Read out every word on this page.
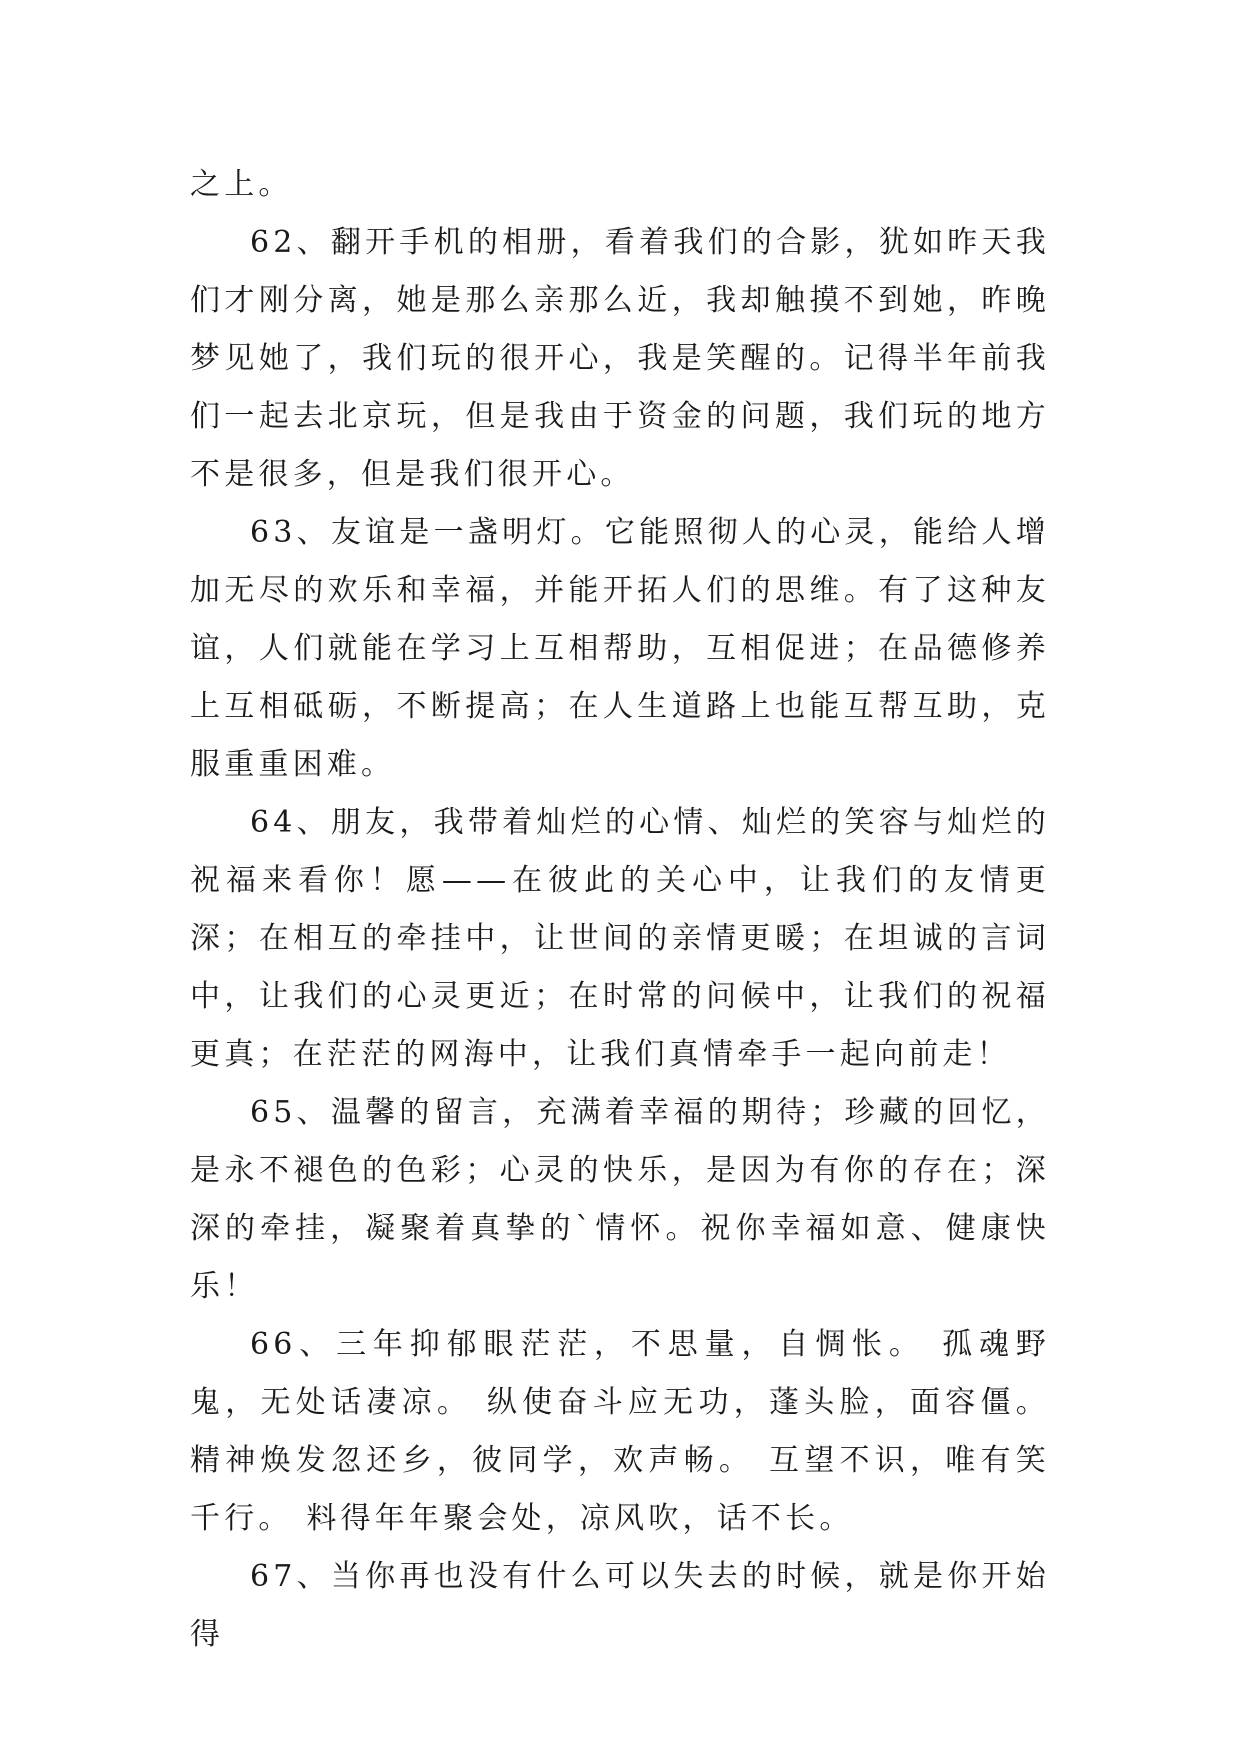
之上。

62、翻开手机的相册，看着我们的合影，犹如昨天我们才刚分离，她是那么亲那么近，我却触摸不到她，昨晚梦见她了，我们玩的很开心，我是笑醒的。记得半年前我们一起去北京玩，但是我由于资金的问题，我们玩的地方不是很多，但是我们很开心。

63、友谊是一盏明灯。它能照彻人的心灵，能给人增加无尽的欢乐和幸福，并能开拓人们的思维。有了这种友谊，人们就能在学习上互相帮助，互相促进；在品德修养上互相砥砺，不断提高；在人生道路上也能互帮互助，克服重重困难。

64、朋友，我带着灿烂的心情、灿烂的笑容与灿烂的祝福来看你！愿——在彼此的关心中，让我们的友情更深；在相互的牵挂中，让世间的亲情更暖；在坦诚的言词中，让我们的心灵更近；在时常的问候中，让我们的祝福更真；在茫茫的网海中，让我们真情牵手一起向前走！

65、温馨的留言，充满着幸福的期待；珍藏的回忆，是永不褪色的色彩；心灵的快乐，是因为有你的存在；深深的牵挂，凝聚着真挚的`情怀。祝你幸福如意、健康快乐！

66、三年抑郁眼茫茫，不思量，自惆怅。 孤魂野鬼，无处话凄凉。 纵使奋斗应无功，蓬头脸，面容僵。 精神焕发忽还乡，彼同学，欢声畅。 互望不识，唯有笑千行。 料得年年聚会处，凉风吹，话不长。

67、当你再也没有什么可以失去的时候，就是你开始得
